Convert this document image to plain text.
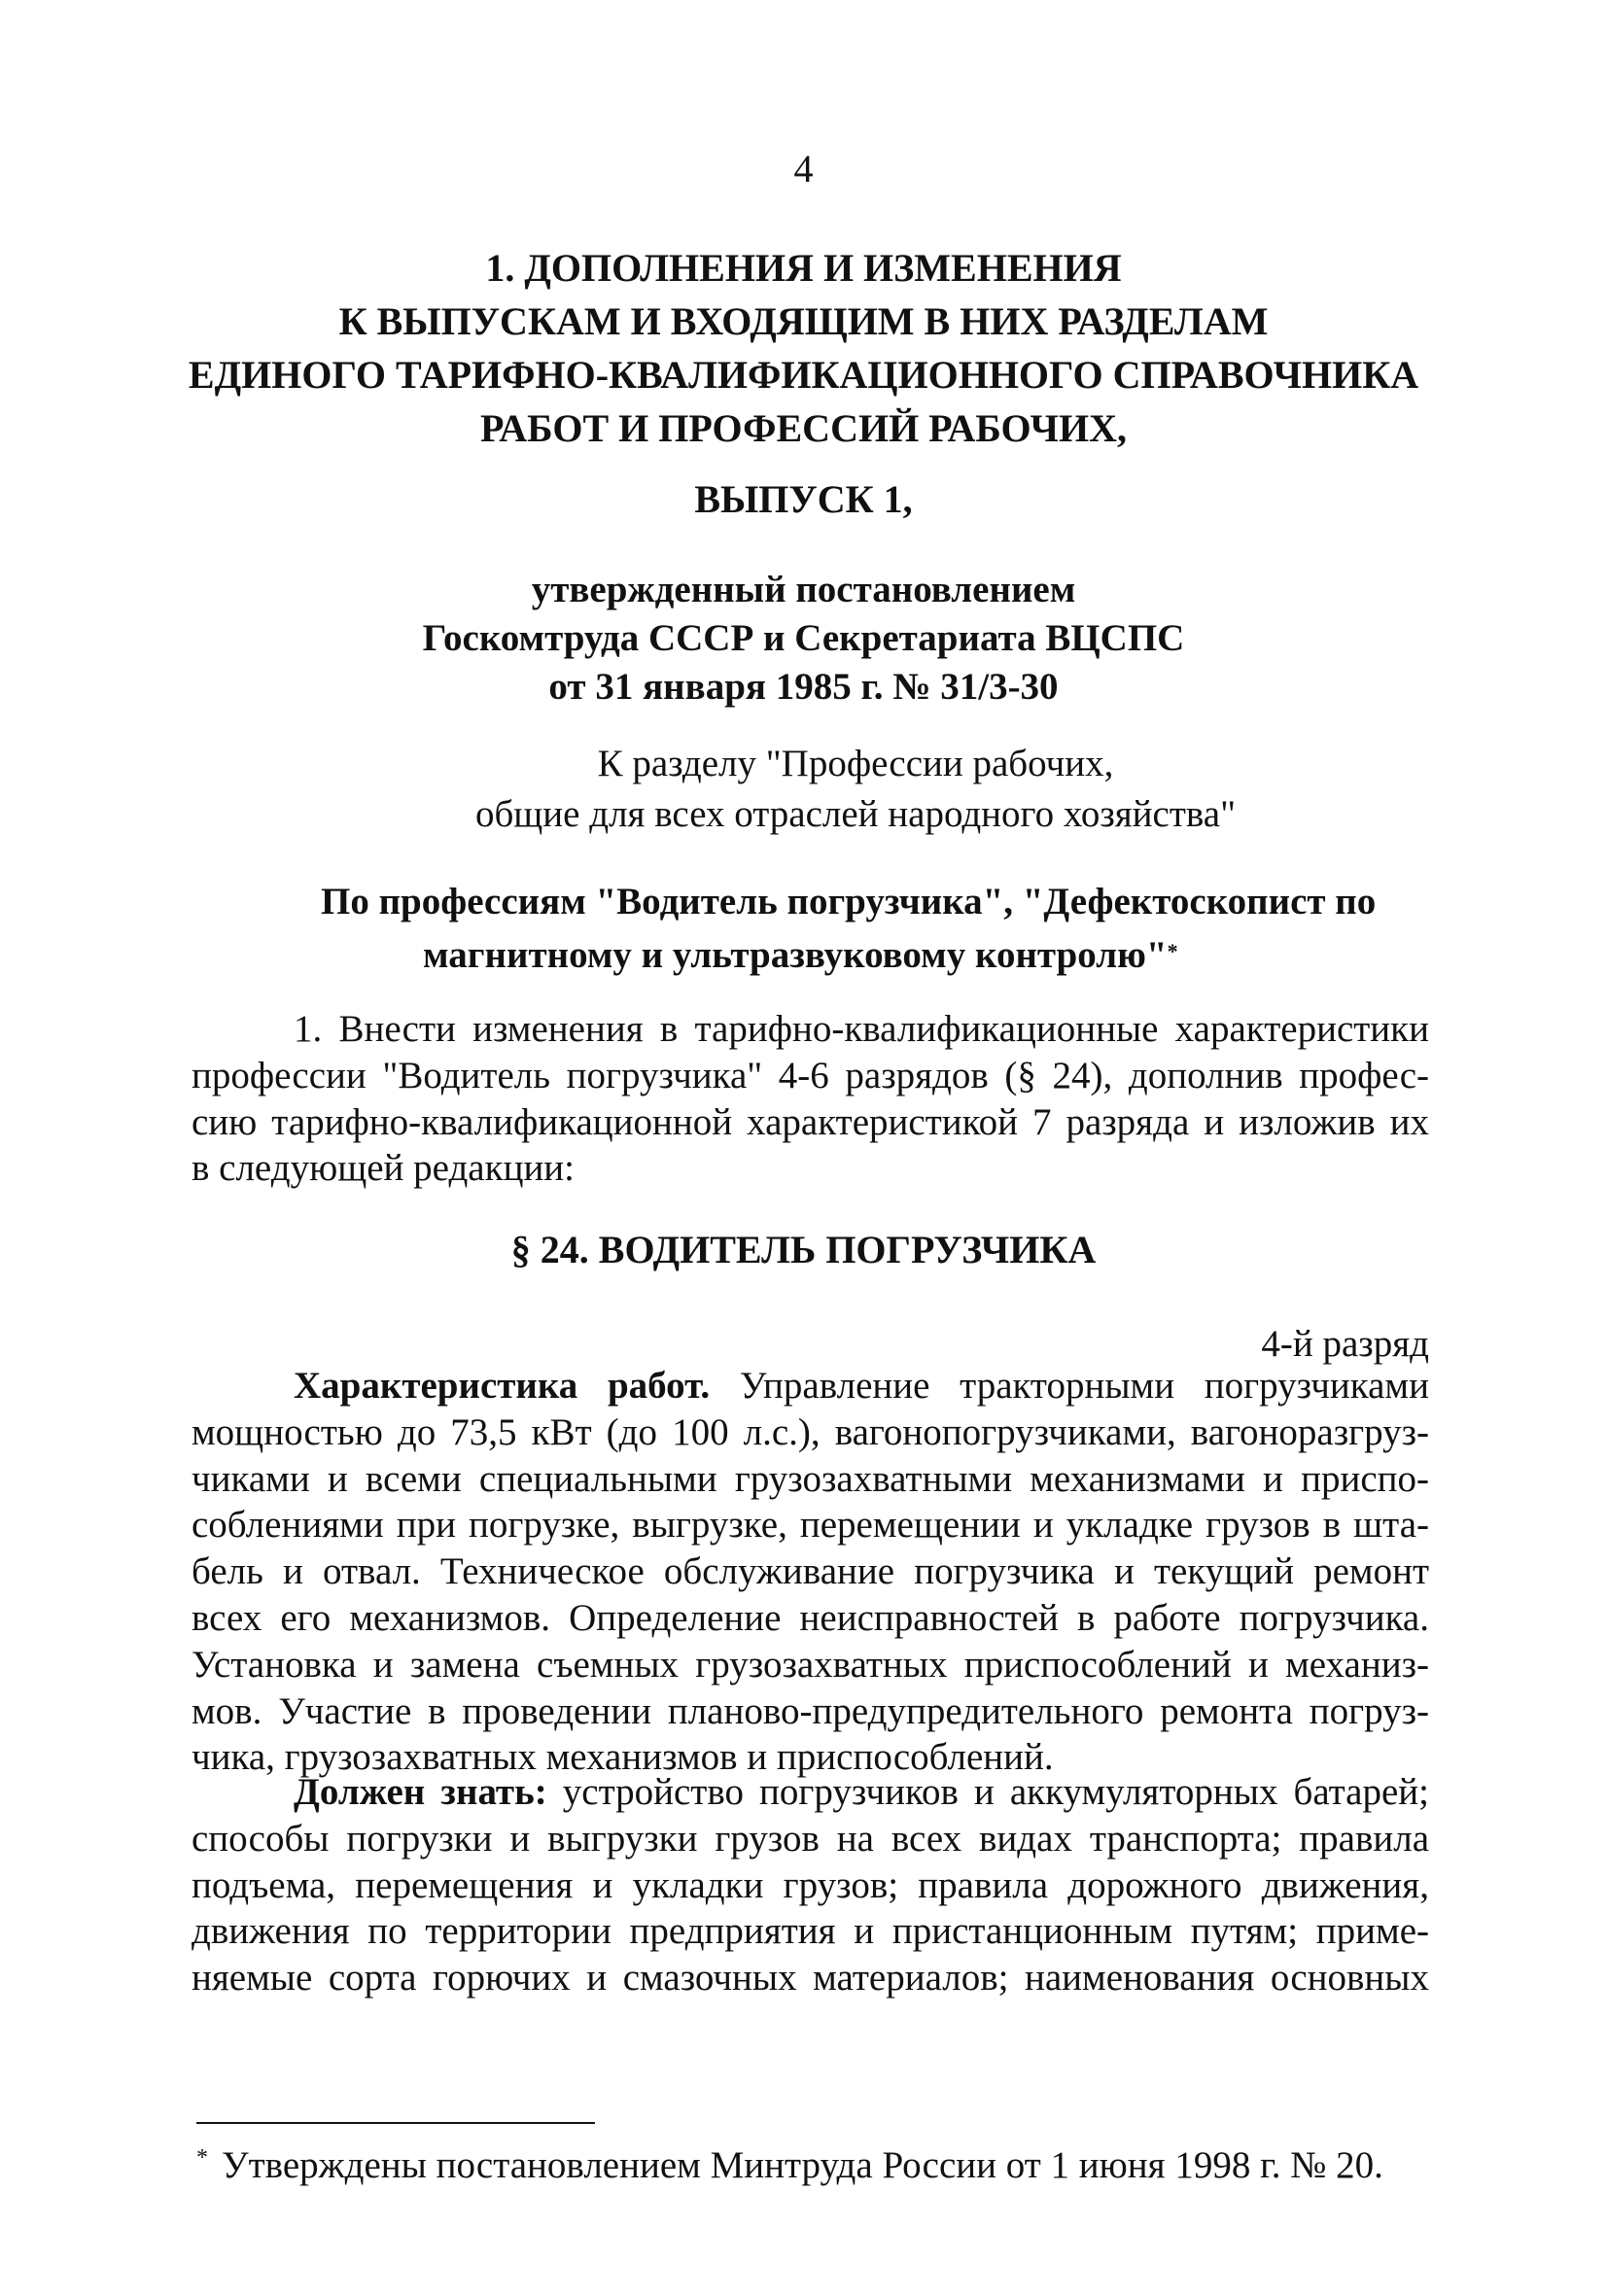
4
1. ДОПОЛНЕНИЯ И ИЗМЕНЕНИЯ
К ВЫПУСКАМ И ВХОДЯЩИМ В НИХ РАЗДЕЛАМ
ЕДИНОГО ТАРИФНО-КВАЛИФИКАЦИОННОГО СПРАВОЧНИКА
РАБОТ И ПРОФЕССИЙ РАБОЧИХ,
ВЫПУСК 1,
утвержденный постановлением
Госкомтруда СССР и Секретариата ВЦСПС
от 31 января 1985 г. № 31/3-30
К разделу "Профессии рабочих,
общие для всех отраслей народного хозяйства"
По профессиям "Водитель погрузчика", "Дефектоскопист по
магнитному и ультразвуковому контролю"*
1. Внести изменения в тарифно-квалификационные характеристики
профессии "Водитель погрузчика" 4-6 разрядов (§ 24), дополнив профес-
сию тарифно-квалификационной характеристикой 7 разряда и изложив их
в следующей редакции:
§ 24. ВОДИТЕЛЬ ПОГРУЗЧИКА
4-й разряд
Характеристика работ. Управление тракторными погрузчиками
мощностью до 73,5 кВт (до 100 л.с.), вагонопогрузчиками, вагоноразгруз-
чиками и всеми специальными грузозахватными механизмами и приспо-
соблениями при погрузке, выгрузке, перемещении и укладке грузов в шта-
бель и отвал. Техническое обслуживание погрузчика и текущий ремонт
всех его механизмов. Определение неисправностей в работе погрузчика.
Установка и замена съемных грузозахватных приспособлений и механиз-
мов. Участие в проведении планово-предупредительного ремонта погруз-
чика, грузозахватных механизмов и приспособлений.
Должен знать: устройство погрузчиков и аккумуляторных батарей;
способы погрузки и выгрузки грузов на всех видах транспорта; правила
подъема, перемещения и укладки грузов; правила дорожного движения,
движения по территории предприятия и пристанционным путям; приме-
няемые сорта горючих и смазочных материалов; наименования основных
* Утверждены постановлением Минтруда России от 1 июня 1998 г. № 20.
